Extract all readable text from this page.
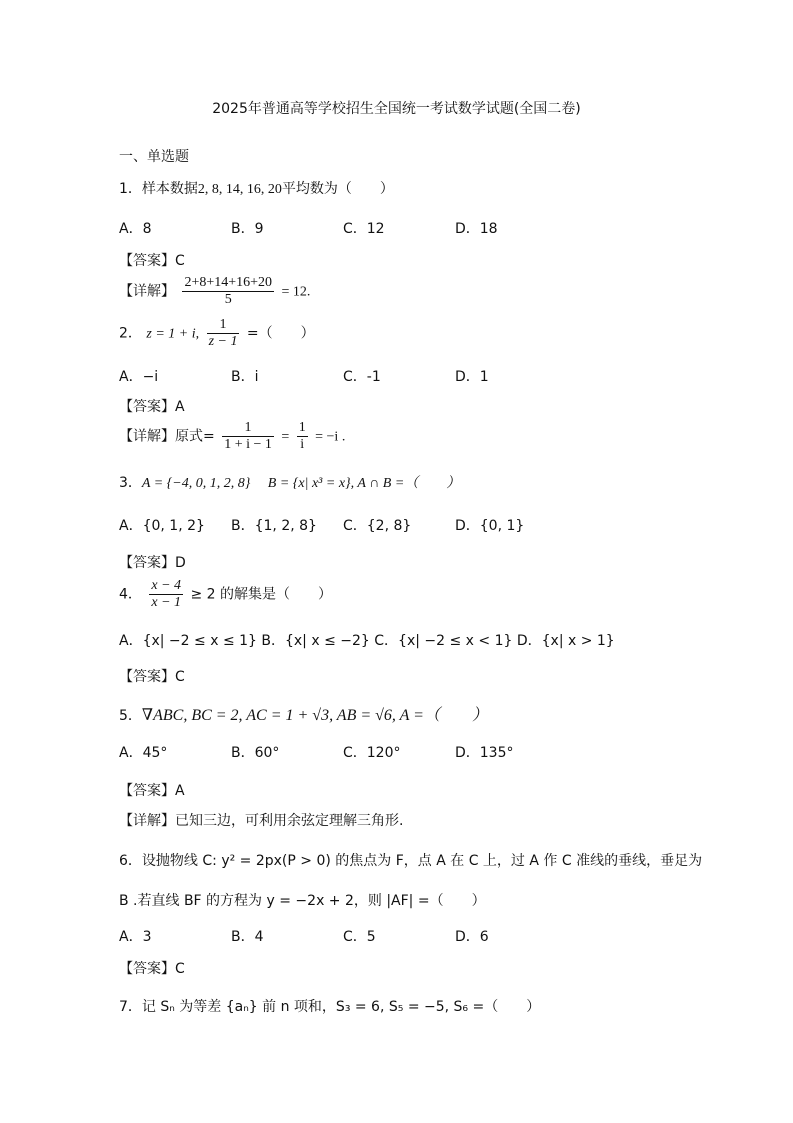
2025年普通高等学校招生全国统一考试数学试题(全国二卷)
一、单选题
1．样本数据2, 8, 14, 16, 20平均数为（　　）
A．8	B．9	C．12	D．18
【答案】C
【详解】 $\frac{2+8+14+16+20}{5} = 12$.
2． z = 1 + i, $\frac{1}{z - 1}$ =（　　）
A．−i	B．i	C．-1	D．1
【答案】A
【详解】原式= $\frac{1}{1 + i - 1} = \frac{1}{i} = -i$ .
3．A = {−4, 0, 1, 2, 8}　 B = {x| x³ = x}, A ∩ B =（　　）
A．{0, 1, 2} B．{1, 2, 8} C．{2, 8}	D．{0, 1}
【答案】D
4． $\frac{x - 4}{x - 1} \ge 2$ 的解集是（　　）
A．{x| −2 ≤ x ≤ 1} B．{x| x ≤ −2} C．{x| −2 ≤ x < 1} D．{x| x > 1}
【答案】C
5．∇ABC, BC = 2, AC = 1 + √3, AB = √6, A =（　　）
A．45°	B．60°	C．120°	D．135°
【答案】A
【详解】已知三边，可利用余弦定理解三角形.
6．设抛物线 C: y² = 2px(P > 0) 的焦点为 F，点 A 在 C 上，过 A 作 C 准线的垂线，垂足为
B .若直线 BF 的方程为 y = −2x + 2，则 |AF| =（　　）
A．3	B．4	C．5	D．6
【答案】C
7．记 Sₙ 为等差 {aₙ} 前 n 项和，S₃ = 6, S₅ = −5, S₆ =（　　）
